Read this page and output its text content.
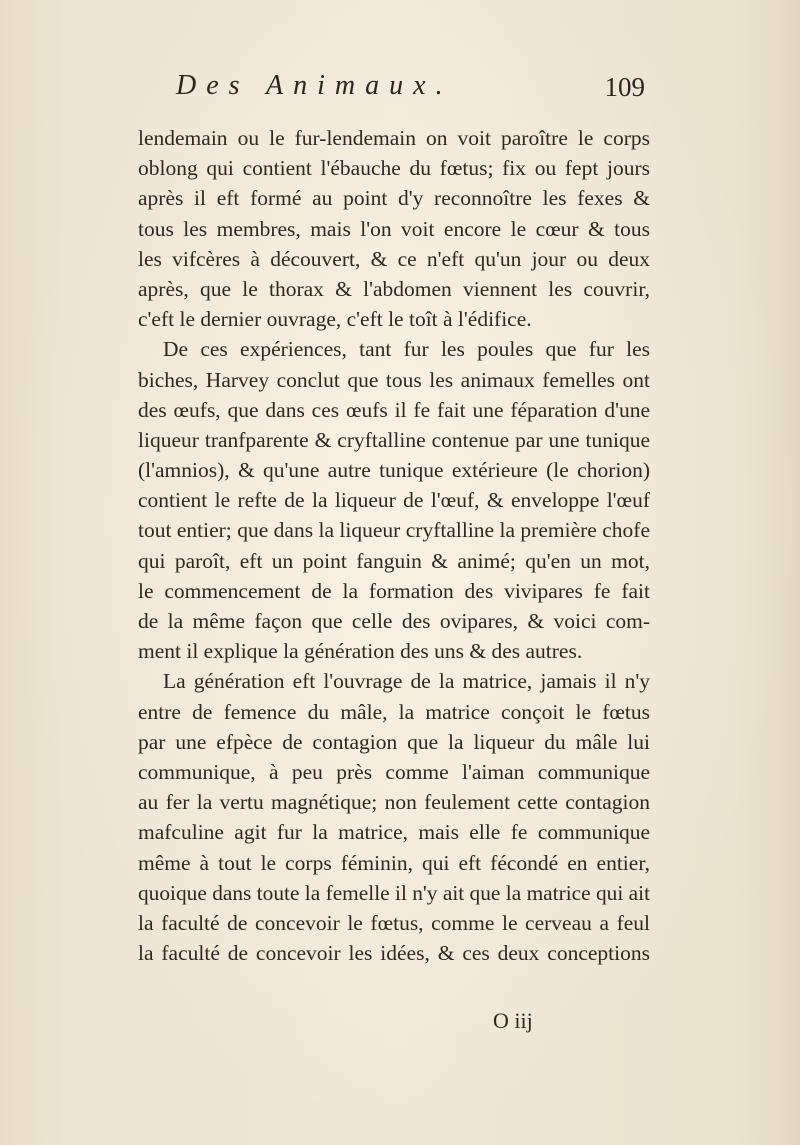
Des Animaux.	109
lendemain ou le fur-lendemain on voit paroître le corps
oblong qui contient l'ébauche du fœtus; fix ou fept jours
après il eft formé au point d'y reconnoître les fexes &
tous les membres, mais l'on voit encore le cœur & tous
les vifcères à découvert, & ce n'eft qu'un jour ou deux
après, que le thorax & l'abdomen viennent les couvrir,
c'eft le dernier ouvrage, c'eft le toît à l'édifice.
De ces expériences, tant fur les poules que fur les
biches, Harvey conclut que tous les animaux femelles ont
des œufs, que dans ces œufs il fe fait une féparation d'une
liqueur tranfparente & cryftalline contenue par une tunique
(l'amnios), & qu'une autre tunique extérieure (le chorion)
contient le refte de la liqueur de l'œuf, & enveloppe l'œuf
tout entier; que dans la liqueur cryftalline la première chofe
qui paroît, eft un point fanguin & animé; qu'en un mot,
le commencement de la formation des vivipares fe fait
de la même façon que celle des ovipares, & voici com-
ment il explique la génération des uns & des autres.
La génération eft l'ouvrage de la matrice, jamais il n'y
entre de femence du mâle, la matrice conçoit le fœtus
par une efpèce de contagion que la liqueur du mâle lui
communique, à peu près comme l'aiman communique
au fer la vertu magnétique; non feulement cette contagion
mafculine agit fur la matrice, mais elle fe communique
même à tout le corps féminin, qui eft fécondé en entier,
quoique dans toute la femelle il n'y ait que la matrice qui ait
la faculté de concevoir le fœtus, comme le cerveau a feul
la faculté de concevoir les idées, & ces deux conceptions
O iij
